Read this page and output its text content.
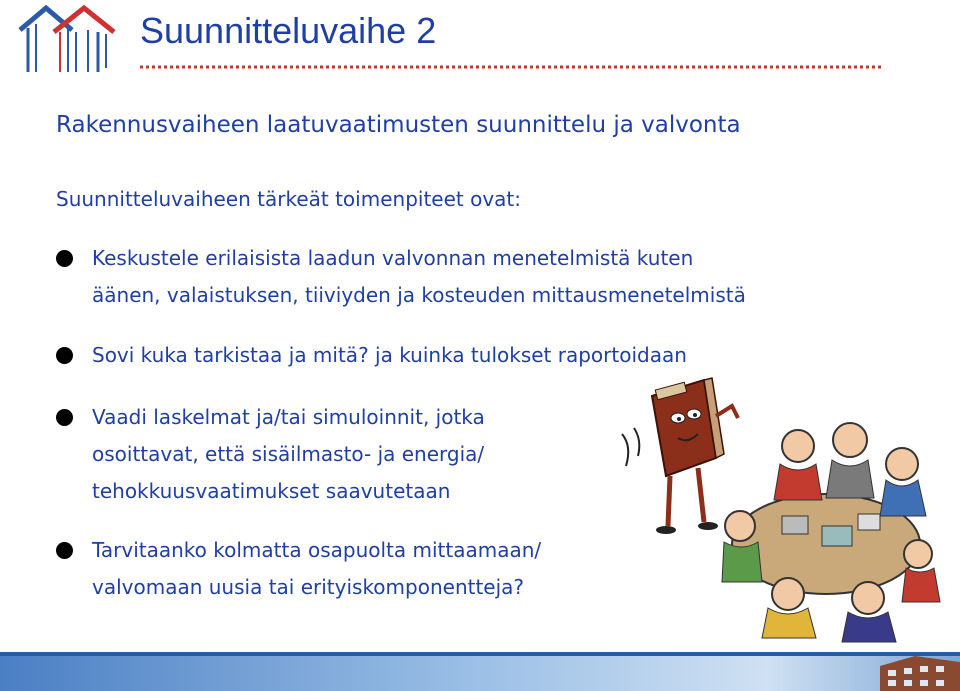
Suunnitteluvaihe 2
Rakennusvaiheen laatuvaatimusten suunnittelu ja valvonta
Suunnitteluvaiheen tärkeät toimenpiteet ovat:
Keskustele erilaisista laadun valvonnan menetelmistä kuten
äänen, valaistuksen, tiiviyden ja kosteuden mittausmenetelmistä
Sovi kuka tarkistaa ja mitä? ja kuinka tulokset raportoidaan
Vaadi laskelmat ja/tai simuloinnit, jotka
osoittavat, että sisäilmasto- ja energia/
tehokkuusvaatimukset saavutetaan
Tarvitaanko kolmatta osapuolta mittaamaan/
valvomaan uusia tai erityiskomponentteja?
